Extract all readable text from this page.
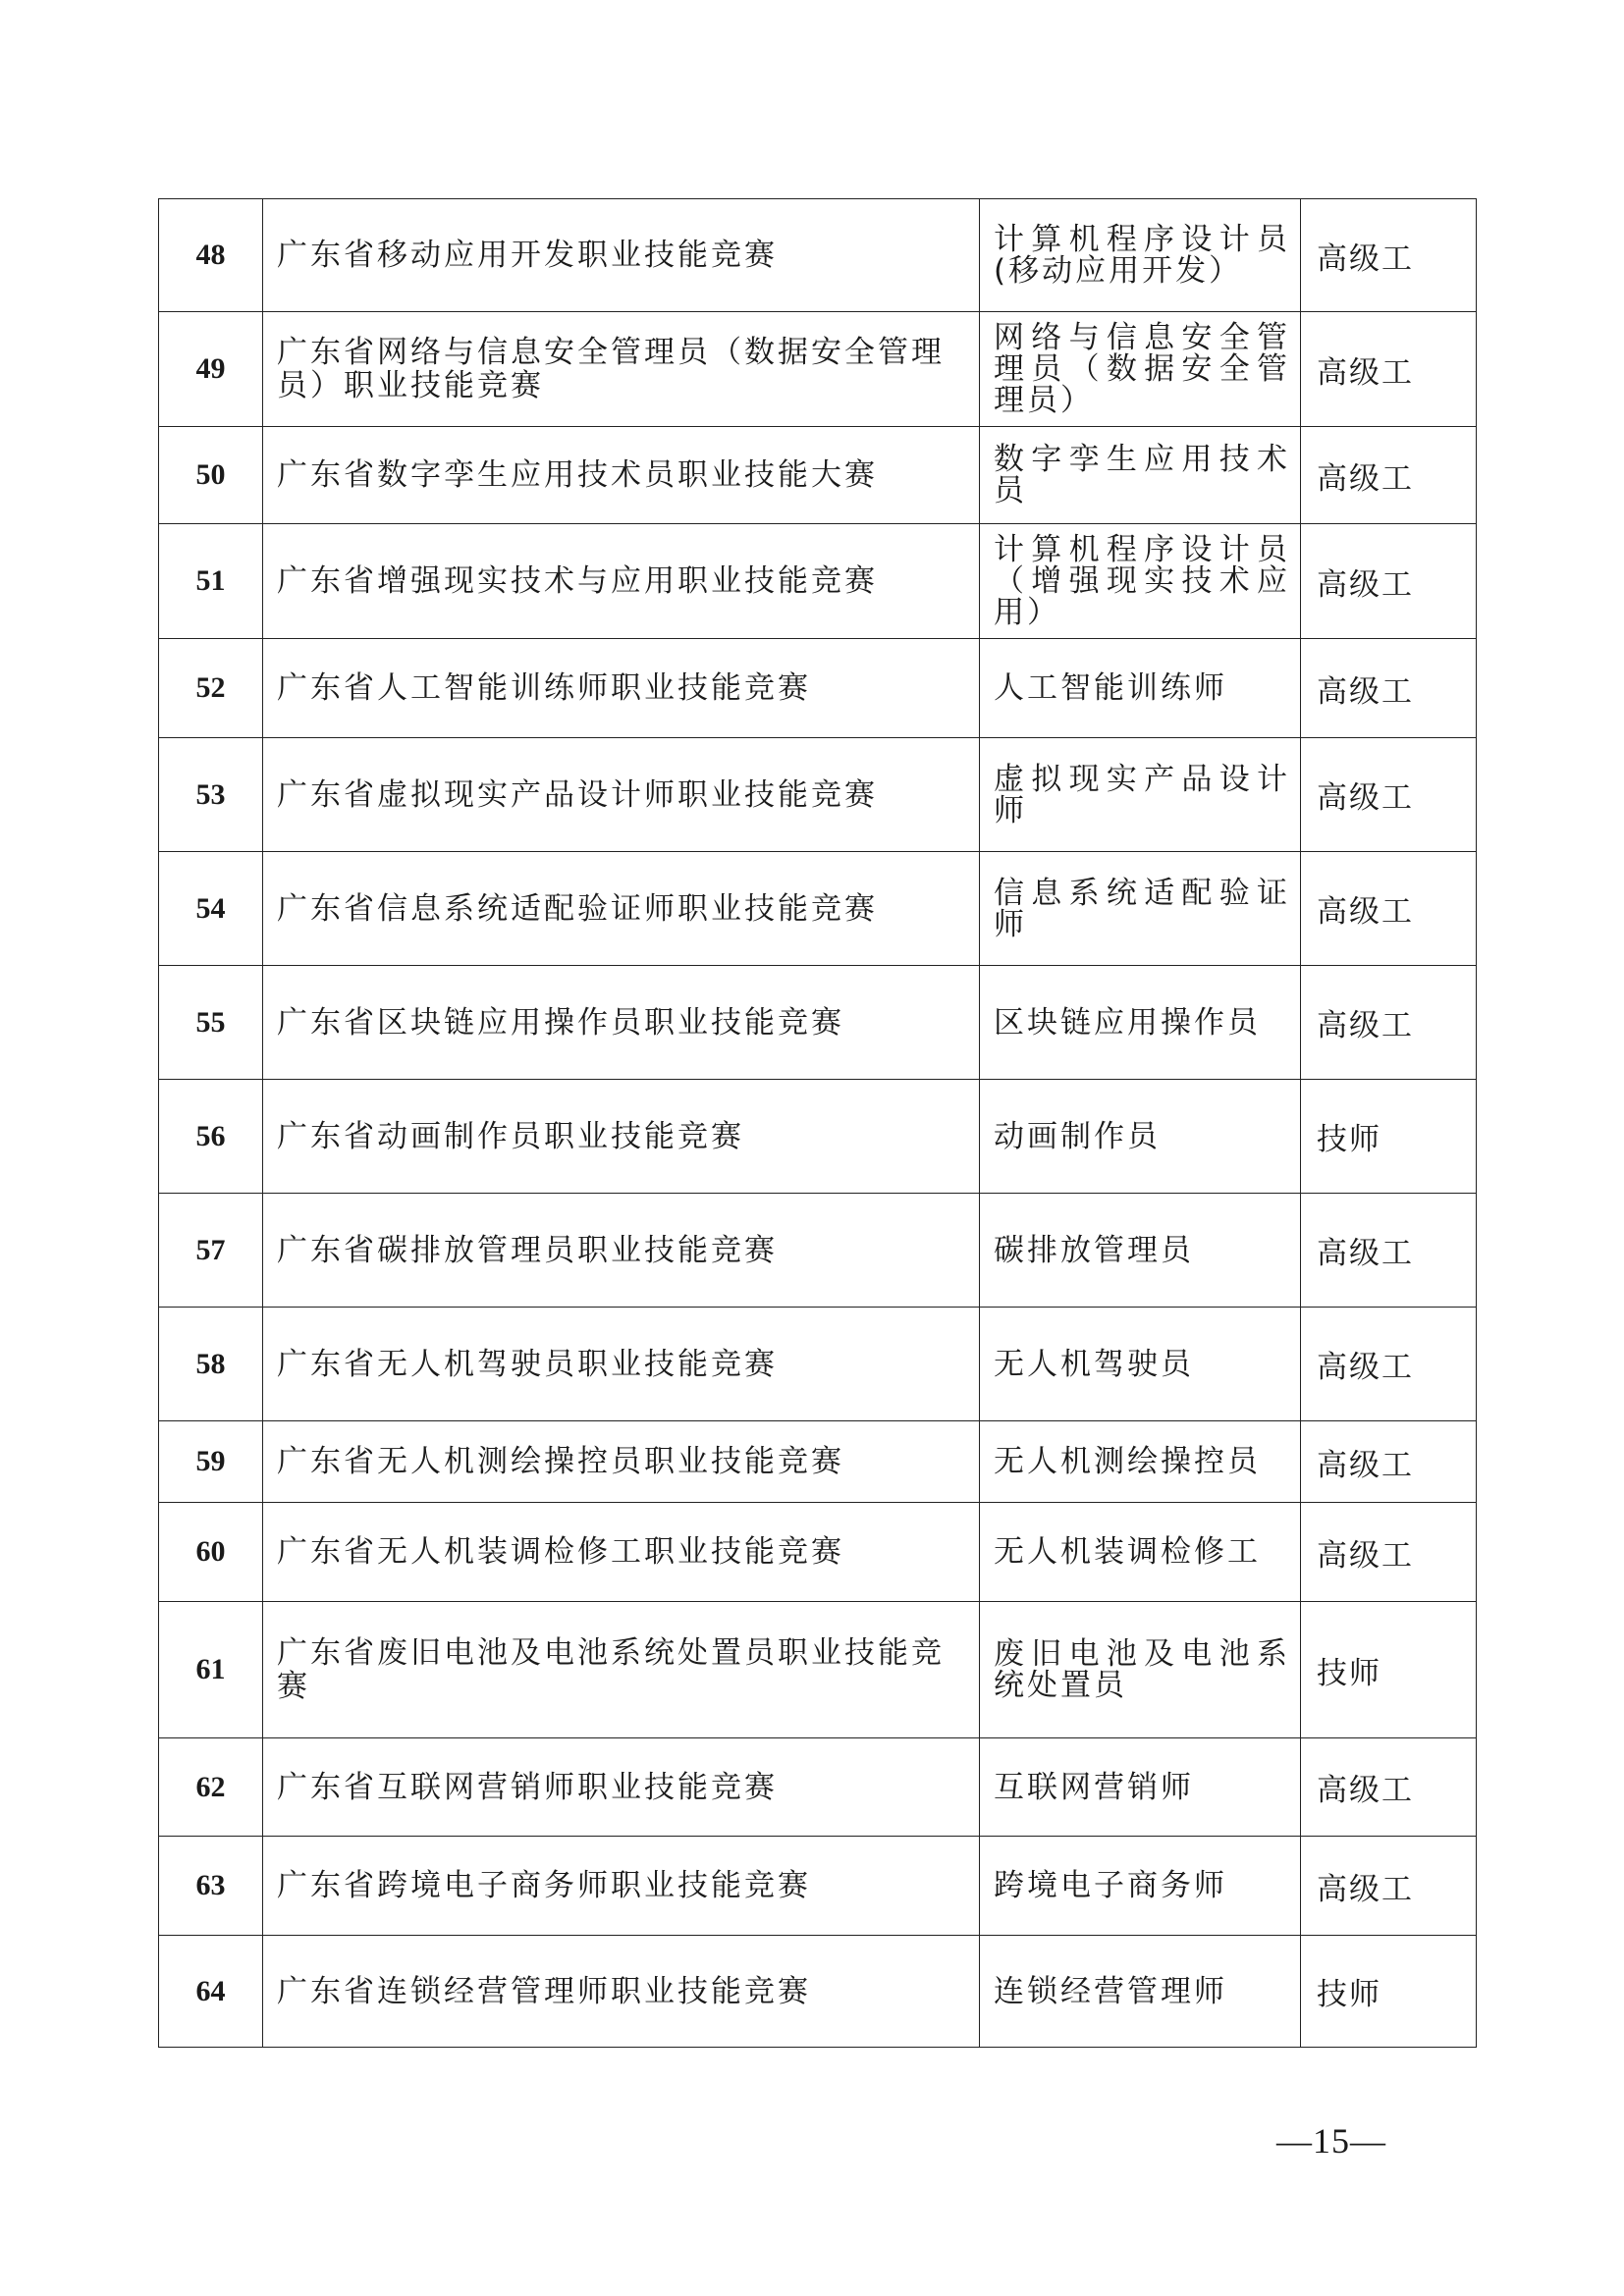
48	广东省移动应用开发职业技能竞赛	计算机程序设计员(移动应用开发）	高级工
49	广东省网络与信息安全管理员（数据安全管理员）职业技能竞赛	网络与信息安全管理员（数据安全管理员）	高级工
50	广东省数字孪生应用技术员职业技能大赛	数字孪生应用技术员	高级工
51	广东省增强现实技术与应用职业技能竞赛	计算机程序设计员（增强现实技术应用）	高级工
52	广东省人工智能训练师职业技能竞赛	人工智能训练师	高级工
53	广东省虚拟现实产品设计师职业技能竞赛	虚拟现实产品设计师	高级工
54	广东省信息系统适配验证师职业技能竞赛	信息系统适配验证师	高级工
55	广东省区块链应用操作员职业技能竞赛	区块链应用操作员	高级工
56	广东省动画制作员职业技能竞赛	动画制作员	技师
57	广东省碳排放管理员职业技能竞赛	碳排放管理员	高级工
58	广东省无人机驾驶员职业技能竞赛	无人机驾驶员	高级工
59	广东省无人机测绘操控员职业技能竞赛	无人机测绘操控员	高级工
60	广东省无人机装调检修工职业技能竞赛	无人机装调检修工	高级工
61	广东省废旧电池及电池系统处置员职业技能竞赛	废旧电池及电池系统处置员	技师
62	广东省互联网营销师职业技能竞赛	互联网营销师	高级工
63	广东省跨境电子商务师职业技能竞赛	跨境电子商务师	高级工
64	广东省连锁经营管理师职业技能竞赛	连锁经营管理师	技师
—15—
